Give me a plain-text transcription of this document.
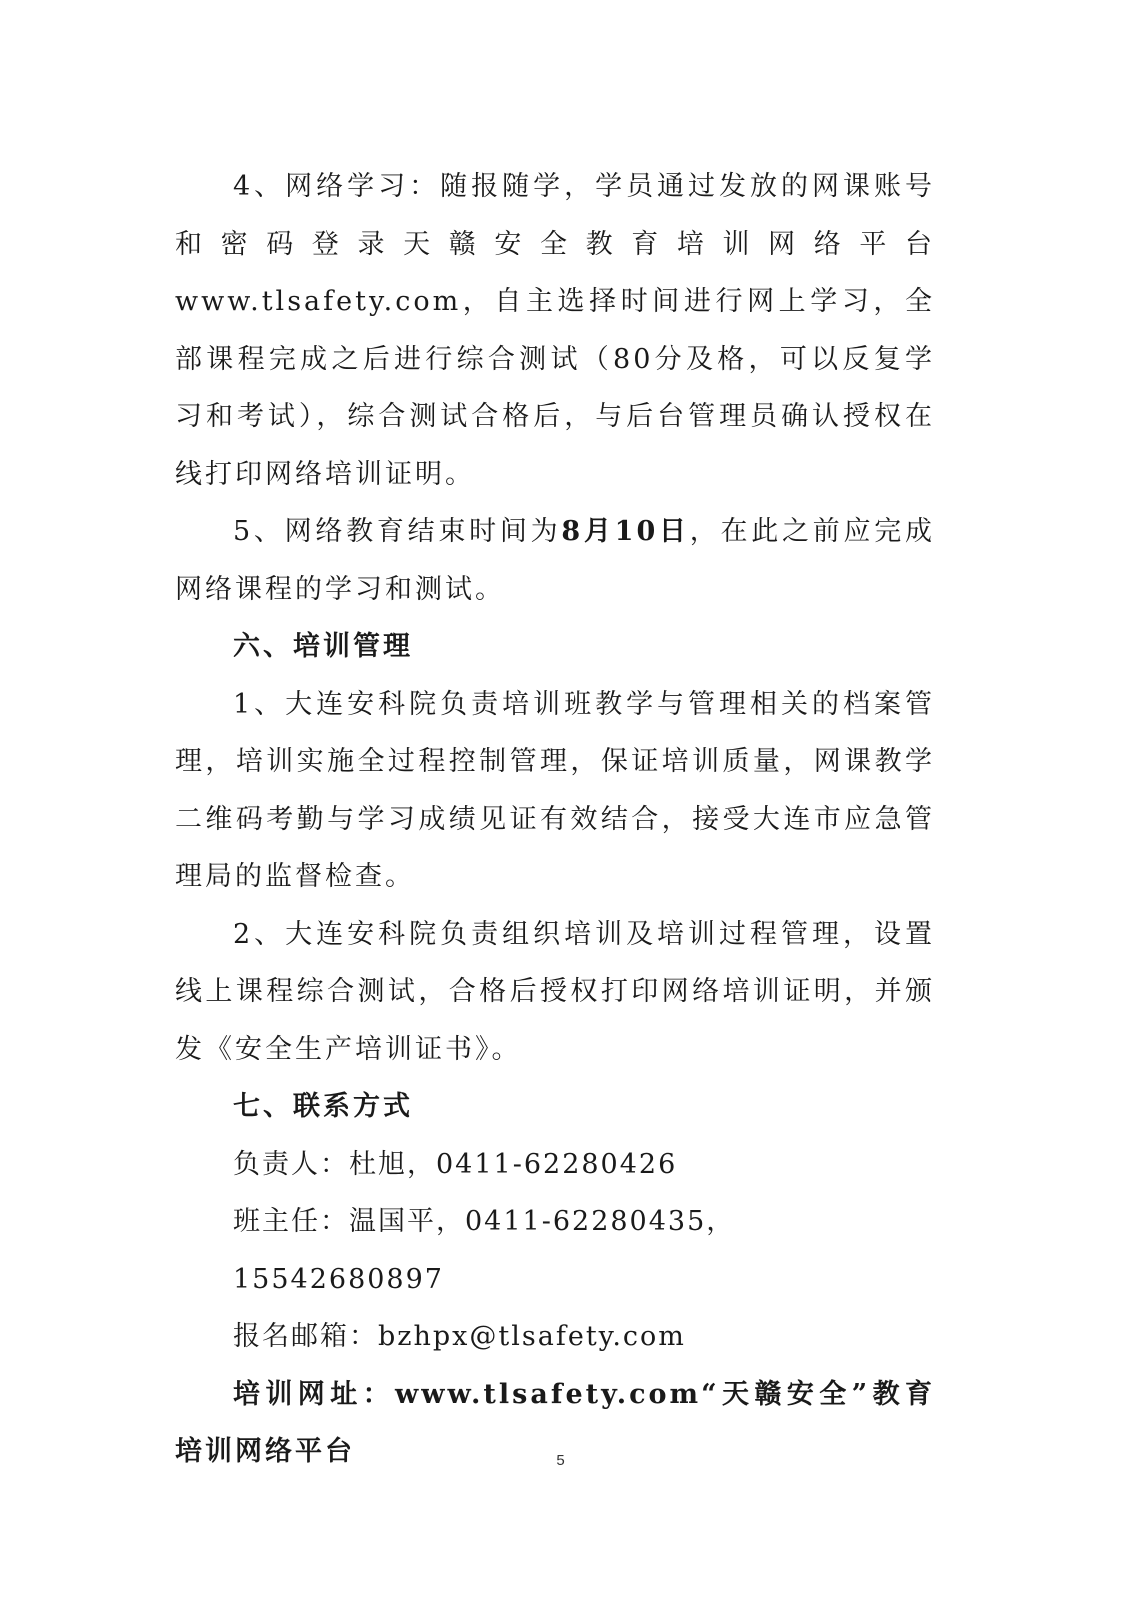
4、网络学习：随报随学，学员通过发放的网课账号和密码登录天赣安全教育培训网络平台 www.tlsafety.com，自主选择时间进行网上学习，全部课程完成之后进行综合测试（80分及格，可以反复学习和考试），综合测试合格后，与后台管理员确认授权在线打印网络培训证明。

5、网络教育结束时间为8月10日，在此之前应完成网络课程的学习和测试。

六、培训管理

1、大连安科院负责培训班教学与管理相关的档案管理，培训实施全过程控制管理，保证培训质量，网课教学二维码考勤与学习成绩见证有效结合，接受大连市应急管理局的监督检查。

2、大连安科院负责组织培训及培训过程管理，设置线上课程综合测试，合格后授权打印网络培训证明，并颁发《安全生产培训证书》。

七、联系方式

负责人：杜旭，0411-62280426

班主任：温国平，0411-62280435，15542680897

报名邮箱：bzhpx@tlsafety.com

培训网址：www.tlsafety.com“天赣安全”教育培训网络平台	5
